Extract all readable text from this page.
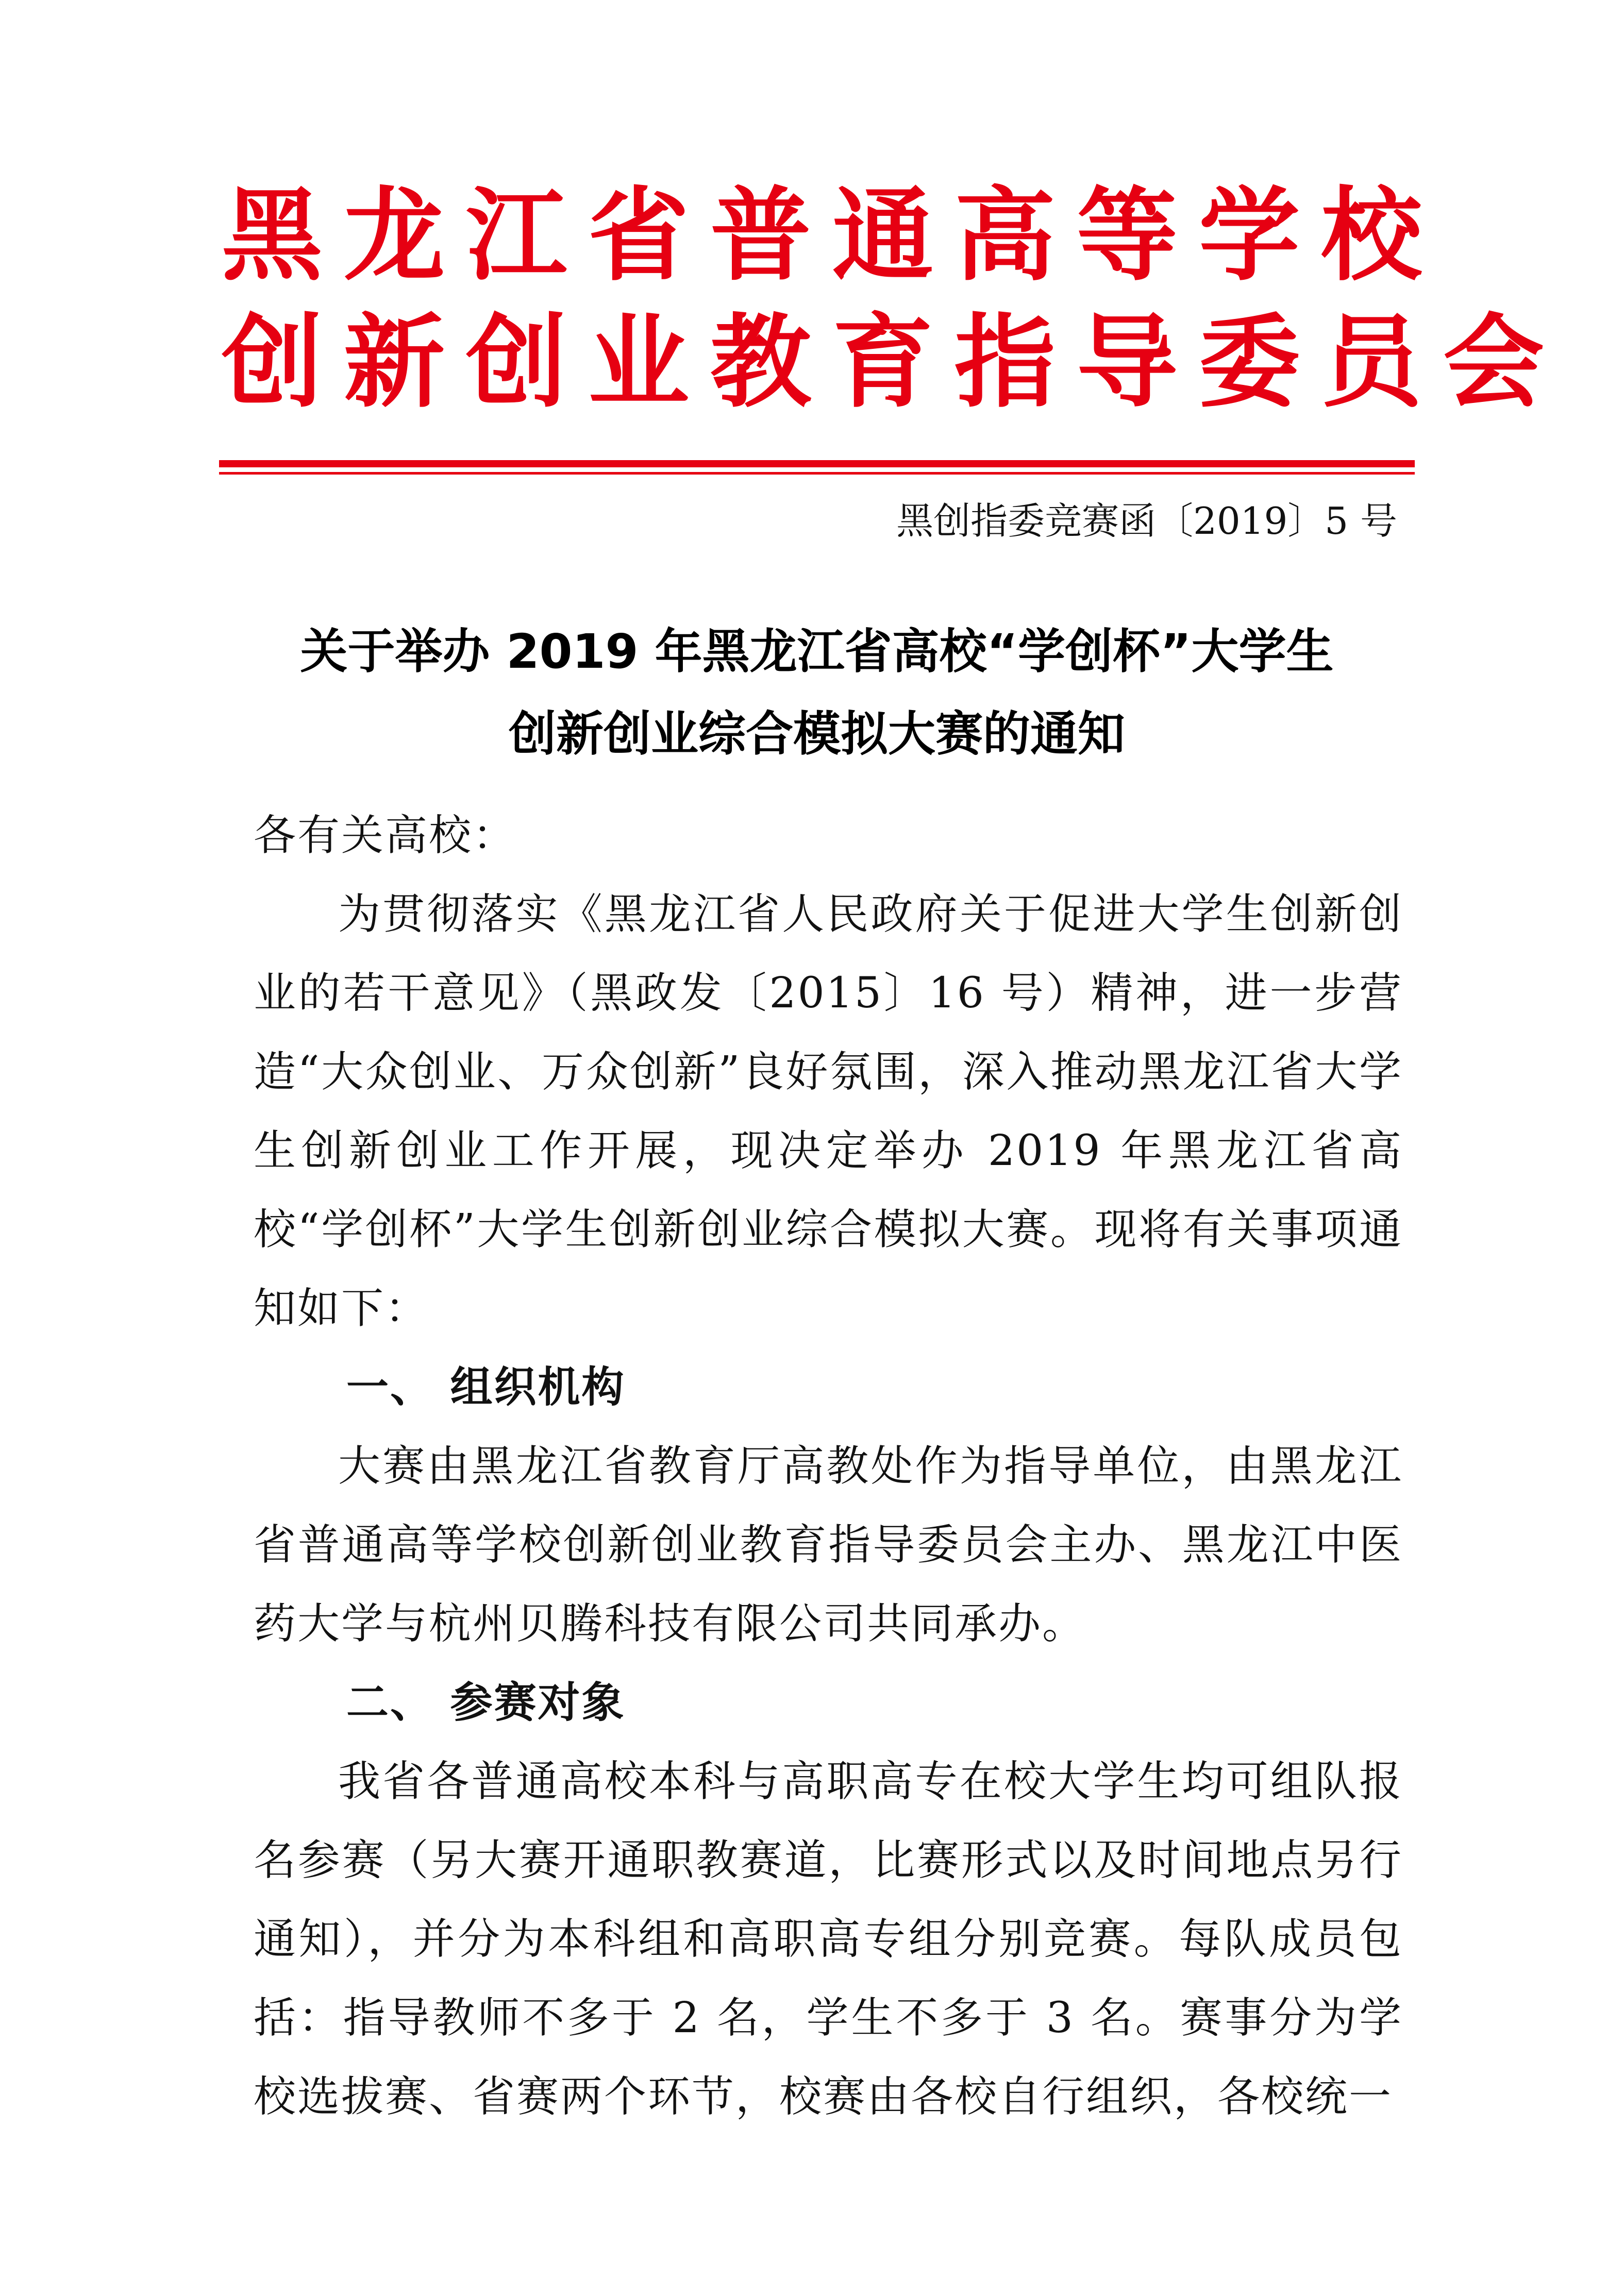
黑龙江省普通高等学校
创新创业教育指导委员会
黑创指委竞赛函〔2019〕5 号
关于举办 2019 年黑龙江省高校“学创杯”大学生
创新创业综合模拟大赛的通知
各有关高校：

为贯彻落实《黑龙江省人民政府关于促进大学生创新创业的若干意见》（黑政发〔2015〕16 号）精神，进一步营造“大众创业、万众创新”良好氛围，深入推动黑龙江省大学生创新创业工作开展，现决定举办 2019 年黑龙江省高校“学创杯”大学生创新创业综合模拟大赛。现将有关事项通知如下：

一、 组织机构

大赛由黑龙江省教育厅高教处作为指导单位，由黑龙江省普通高等学校创新创业教育指导委员会主办、黑龙江中医药大学与杭州贝腾科技有限公司共同承办。

二、 参赛对象

我省各普通高校本科与高职高专在校大学生均可组队报名参赛（另大赛开通职教赛道，比赛形式以及时间地点另行通知），并分为本科组和高职高专组分别竞赛。每队成员包括：指导教师不多于 2 名，学生不多于 3 名。赛事分为学校选拔赛、省赛两个环节，校赛由各校自行组织，各校统一
